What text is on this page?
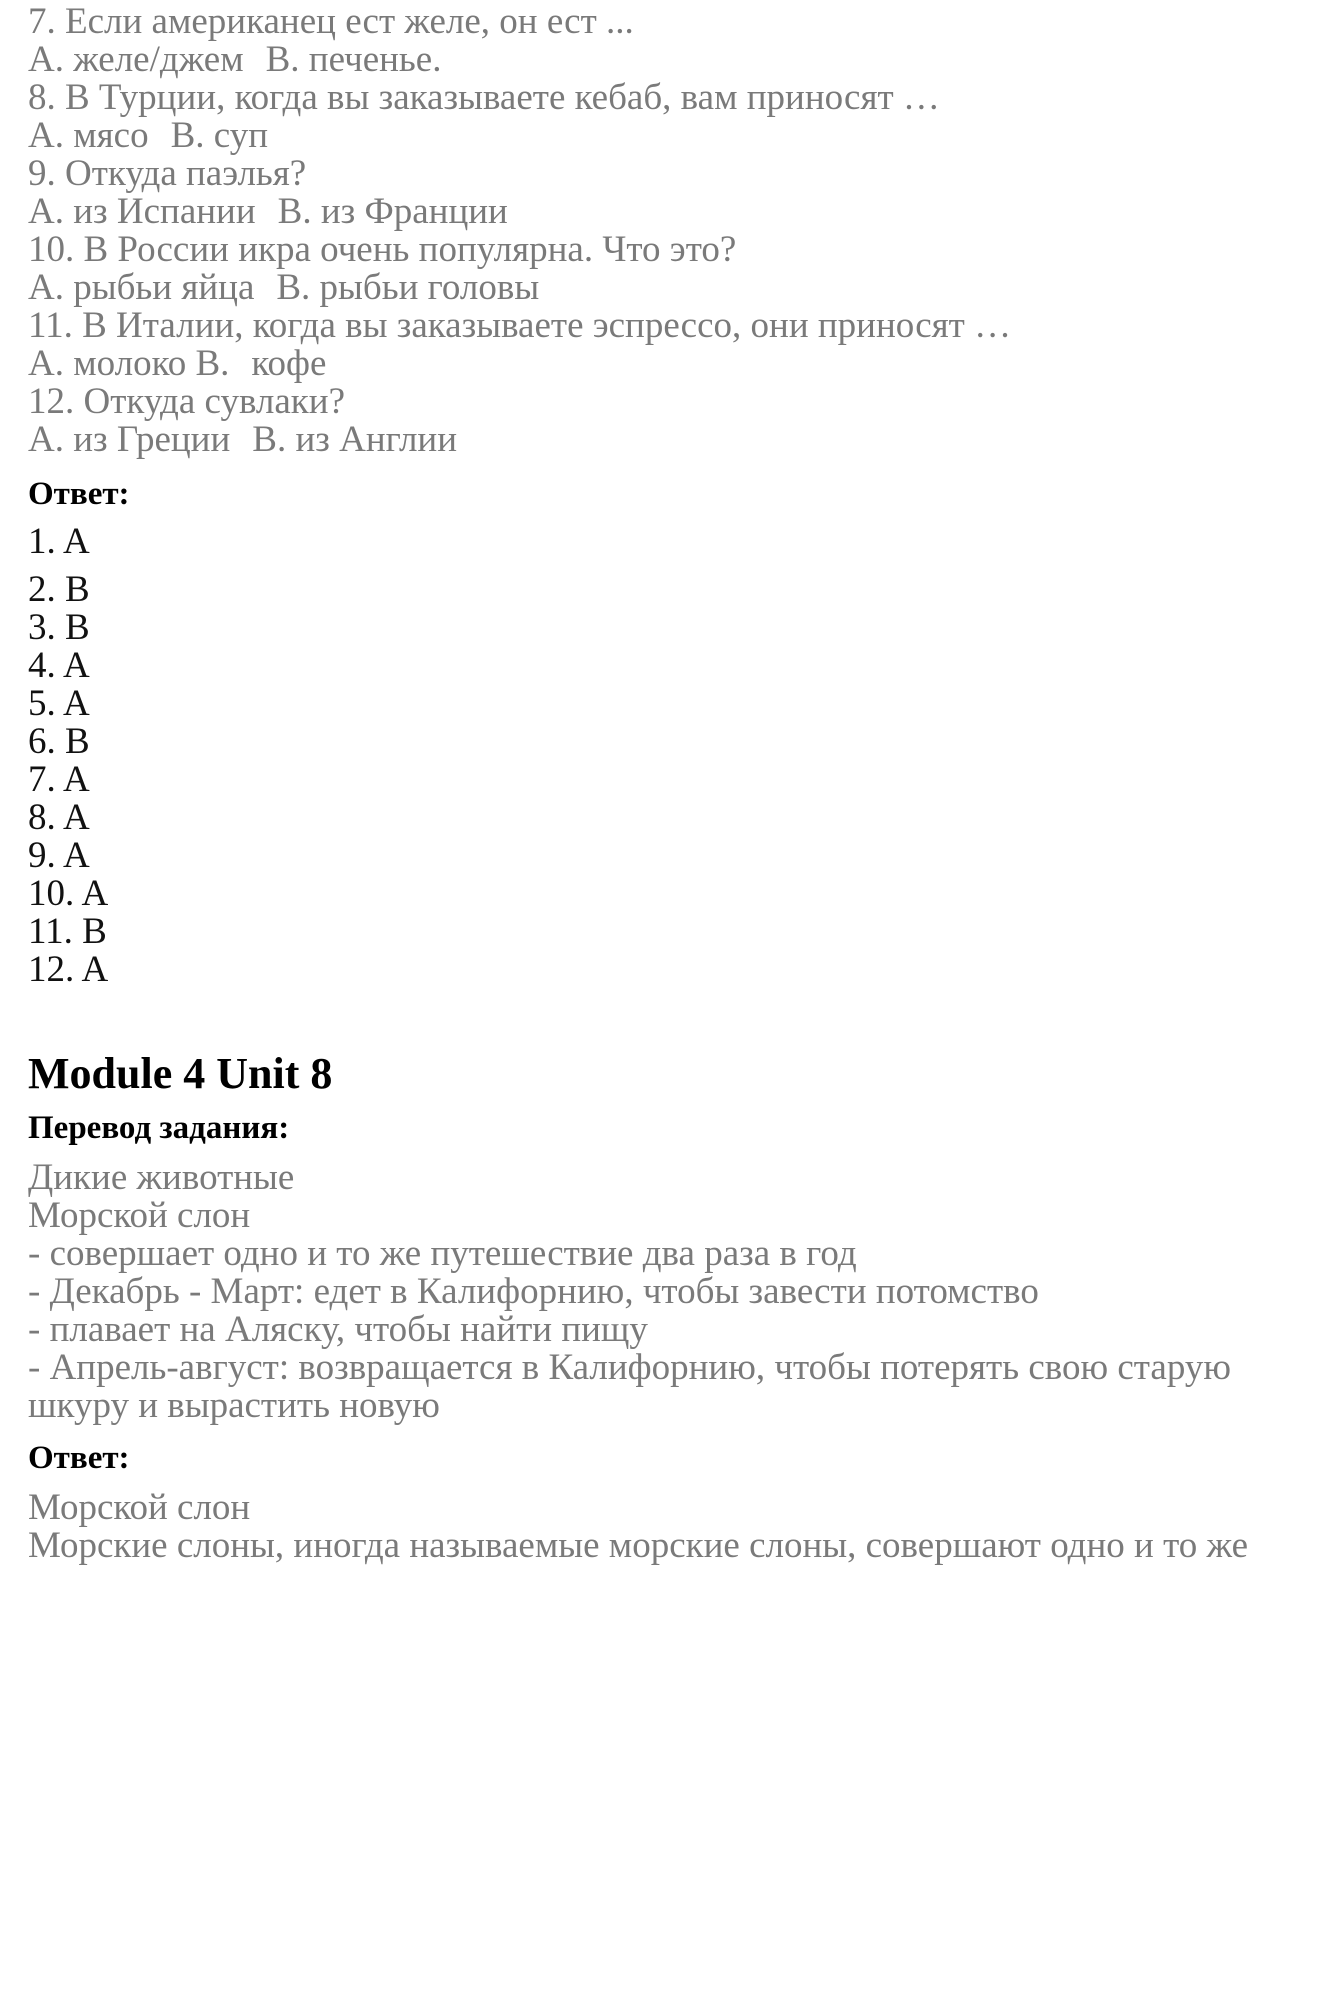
7. Если американец ест желе, он ест ...
A. желе/джем B. печенье.
8. В Турции, когда вы заказываете кебаб, вам приносят …
A. мясо B. суп
9. Откуда паэлья?
A. из Испании B. из Франции
10. В России икра очень популярна. Что это?
A. рыбьи яйца B. рыбьи головы
11. В Италии, когда вы заказываете эспрессо, они приносят …
A. молоко B. кофе
12. Откуда сувлаки?
A. из Греции B. из Англии
Ответ:
1. A
2. B
3. B
4. A
5. A
6. B
7. A
8. A
9. A
10. A
11. B
12. A
Module 4 Unit 8
Перевод задания:
Дикие животные
Морской слон
- совершает одно и то же путешествие два раза в год
- Декабрь - Март: едет в Калифорнию, чтобы завести потомство
- плавает на Аляску, чтобы найти пищу
- Апрель-август: возвращается в Калифорнию, чтобы потерять свою старую
шкуру и вырастить новую
Ответ:
Морской слон
Морские слоны, иногда называемые морские слоны, совершают одно и то же
